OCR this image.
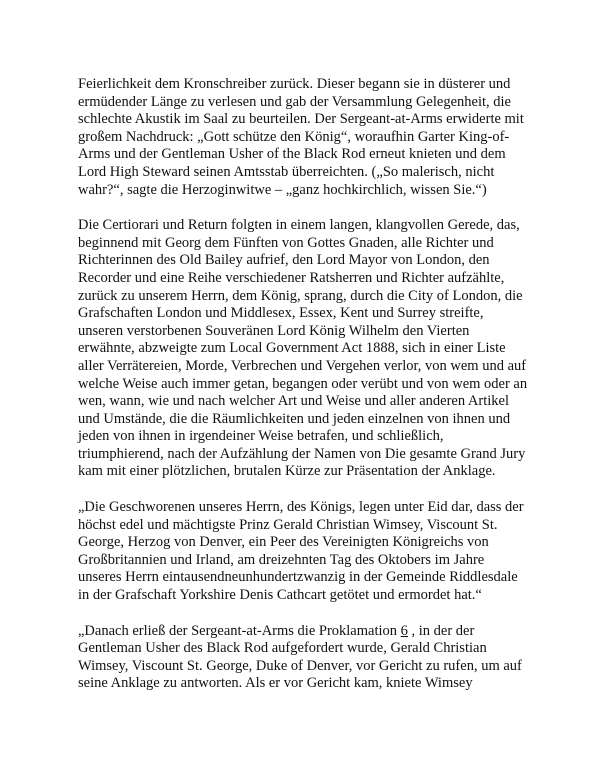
Feierlichkeit dem Kronschreiber zurück. Dieser begann sie in düsterer und ermüdender Länge zu verlesen und gab der Versammlung Gelegenheit, die schlechte Akustik im Saal zu beurteilen. Der Sergeant-at-Arms erwiderte mit großem Nachdruck: „Gott schütze den König“, woraufhin Garter King-of-Arms und der Gentleman Usher of the Black Rod erneut knieten und dem Lord High Steward seinen Amtsstab überreichten. („So malerisch, nicht wahr?“, sagte die Herzoginwitwe – „ganz hochkirchlich, wissen Sie.“)

Die Certiorari und Return folgten in einem langen, klangvollen Gerede, das, beginnend mit Georg dem Fünften von Gottes Gnaden, alle Richter und Richterinnen des Old Bailey aufrief, den Lord Mayor von London, den Recorder und eine Reihe verschiedener Ratsherren und Richter aufzählte, zurück zu unserem Herrn, dem König, sprang, durch die City of London, die Grafschaften London und Middlesex, Essex, Kent und Surrey streifte, unseren verstorbenen Souveränen Lord König Wilhelm den Vierten erwähnte, abzweigte zum Local Government Act 1888, sich in einer Liste aller Verrätereien, Morde, Verbrechen und Vergehen verlor, von wem und auf welche Weise auch immer getan, begangen oder verübt und von wem oder an wen, wann, wie und nach welcher Art und Weise und aller anderen Artikel und Umstände, die die Räumlichkeiten und jeden einzelnen von ihnen und jeden von ihnen in irgendeiner Weise betrafen, und schließlich, triumphierend, nach der Aufzählung der Namen von Die gesamte Grand Jury kam mit einer plötzlichen, brutalen Kürze zur Präsentation der Anklage.

„Die Geschworenen unseres Herrn, des Königs, legen unter Eid dar, dass der höchst edel und mächtigste Prinz Gerald Christian Wimsey, Viscount St. George, Herzog von Denver, ein Peer des Vereinigten Königreichs von Großbritannien und Irland, am dreizehnten Tag des Oktobers im Jahre unseres Herrn eintausendneunhundertzwanzig in der Gemeinde Riddlesdale in der Grafschaft Yorkshire Denis Cathcart getötet und ermordet hat.“

„Danach erließ der Sergeant-at-Arms die Proklamation 6 , in der der Gentleman Usher des Black Rod aufgefordert wurde, Gerald Christian Wimsey, Viscount St. George, Duke of Denver, vor Gericht zu rufen, um auf seine Anklage zu antworten. Als er vor Gericht kam, kniete Wimsey
